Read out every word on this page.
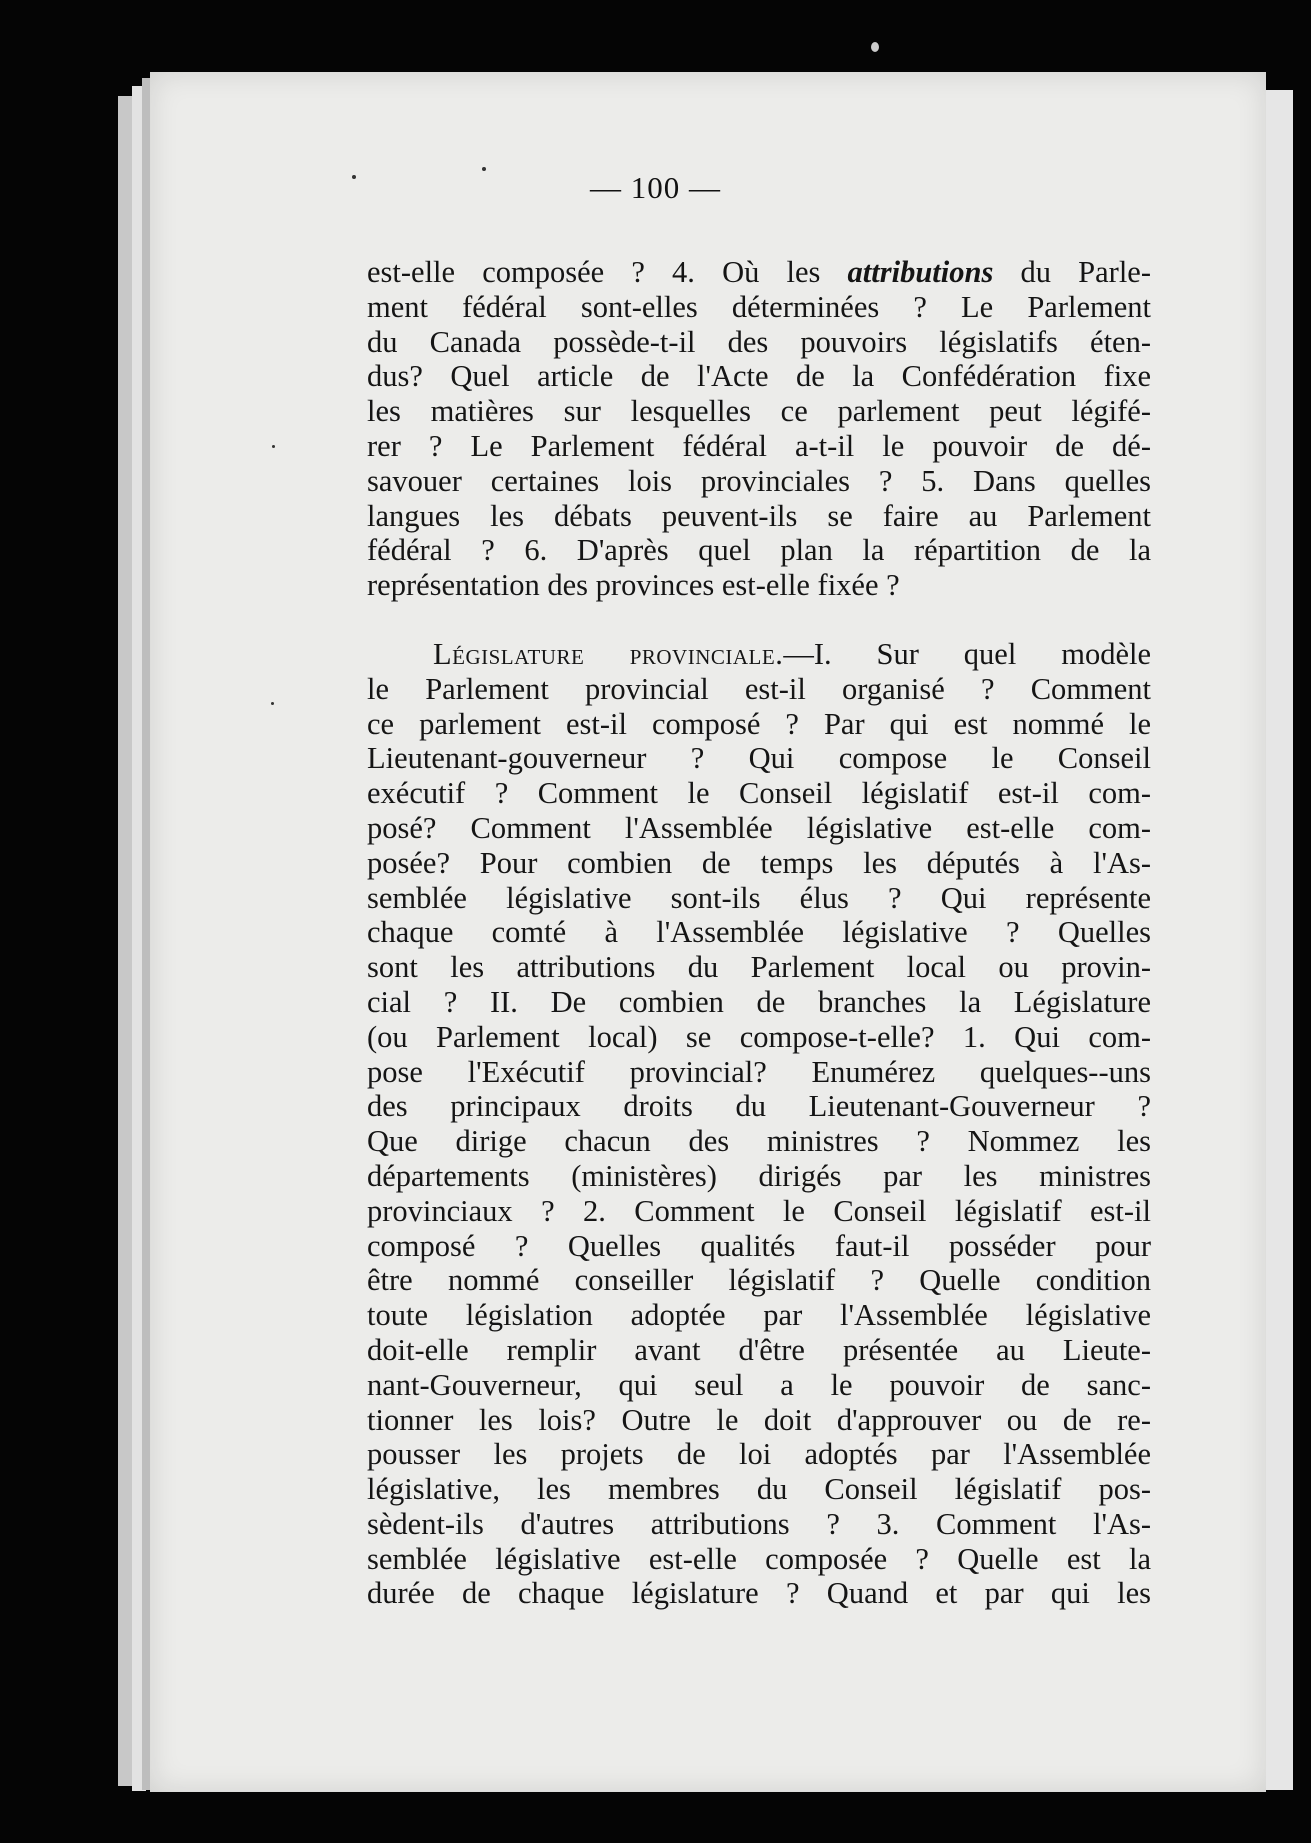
— 100 —
est-elle composée ? 4. Où les attributions du Parle-
ment fédéral sont-elles déterminées ? Le Parlement
du Canada possède-t-il des pouvoirs législatifs éten-
dus? Quel article de l'Acte de la Confédération fixe
les matières sur lesquelles ce parlement peut légifé-
rer ? Le Parlement fédéral a-t-il le pouvoir de dé-
savouer certaines lois provinciales ? 5. Dans quelles
langues les débats peuvent-ils se faire au Parlement
fédéral ? 6. D'après quel plan la répartition de la
représentation des provinces est-elle fixée ?
Législature provinciale.—I. Sur quel modèle
le Parlement provincial est-il organisé ? Comment
ce parlement est-il composé ? Par qui est nommé le
Lieutenant-gouverneur ? Qui compose le Conseil
exécutif ? Comment le Conseil législatif est-il com-
posé? Comment l'Assemblée législative est-elle com-
posée? Pour combien de temps les députés à l'As-
semblée législative sont-ils élus ? Qui représente
chaque comté à l'Assemblée législative ? Quelles
sont les attributions du Parlement local ou provin-
cial ? II. De combien de branches la Législature
(ou Parlement local) se compose-t-elle? 1. Qui com-
pose l'Exécutif provincial? Enumérez quelques--uns
des principaux droits du Lieutenant-Gouverneur ?
Que dirige chacun des ministres ? Nommez les
départements (ministères) dirigés par les ministres
provinciaux ? 2. Comment le Conseil législatif est-il
composé ? Quelles qualités faut-il posséder pour
être nommé conseiller législatif ? Quelle condition
toute législation adoptée par l'Assemblée législative
doit-elle remplir avant d'être présentée au Lieute-
nant-Gouverneur, qui seul a le pouvoir de sanc-
tionner les lois? Outre le doit d'approuver ou de re-
pousser les projets de loi adoptés par l'Assemblée
législative, les membres du Conseil législatif pos-
sèdent-ils d'autres attributions ? 3. Comment l'As-
semblée législative est-elle composée ? Quelle est la
durée de chaque législature ? Quand et par qui les
